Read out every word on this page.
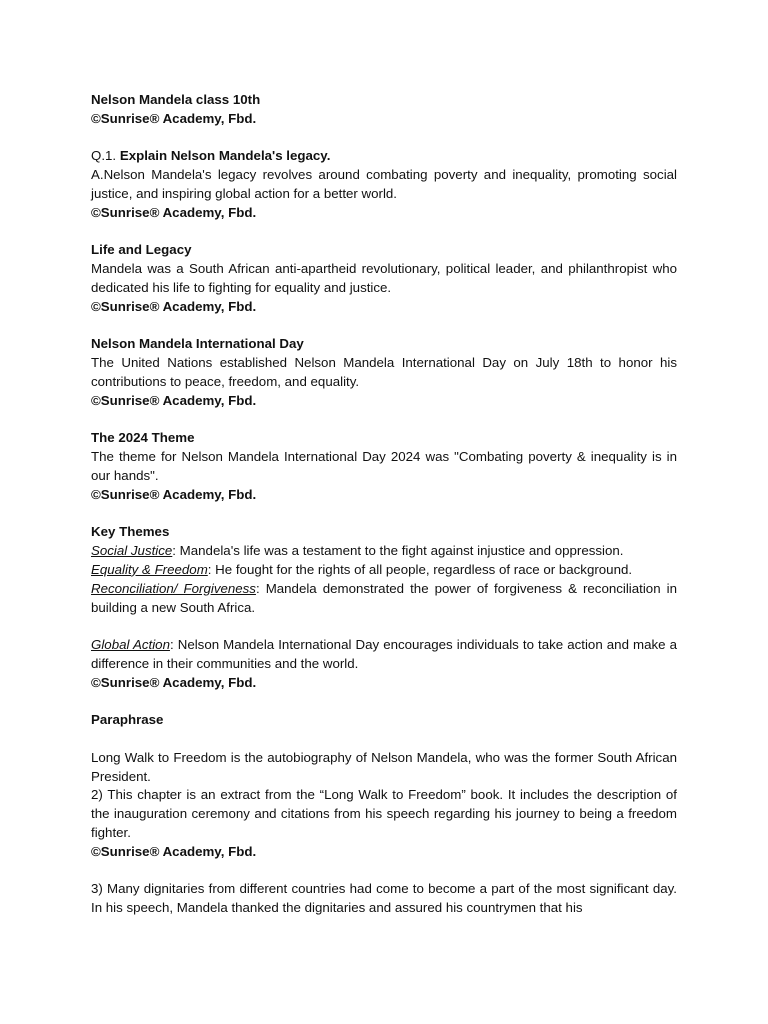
Nelson Mandela class 10th

©Sunrise® Academy, Fbd.

Q.1. Explain Nelson Mandela's legacy.

A.Nelson Mandela's legacy revolves around combating poverty and inequality, promoting social justice, and inspiring global action for a better world.

©Sunrise® Academy, Fbd.

Life and Legacy

Mandela was a South African anti-apartheid revolutionary, political leader, and philanthropist who dedicated his life to fighting for equality and justice.

©Sunrise® Academy, Fbd.

Nelson Mandela International Day

The United Nations established Nelson Mandela International Day on July 18th to honor his contributions to peace, freedom, and equality.

©Sunrise® Academy, Fbd.

The 2024 Theme

The theme for Nelson Mandela International Day 2024 was "Combating poverty & inequality is in our hands".

©Sunrise® Academy, Fbd.

Key Themes

Social Justice: Mandela's life was a testament to the fight against injustice and oppression.

Equality & Freedom: He fought for the rights of all people, regardless of race or background.

Reconciliation/ Forgiveness: Mandela demonstrated the power of forgiveness & reconciliation in building a new South Africa.

Global Action: Nelson Mandela International Day encourages individuals to take action and make a difference in their communities and the world.

©Sunrise® Academy, Fbd.

Paraphrase

Long Walk to Freedom is the autobiography of Nelson Mandela, who was the former South African President.

2) This chapter is an extract from the “Long Walk to Freedom” book. It includes the description of the inauguration ceremony and citations from his speech regarding his journey to being a freedom fighter.

©Sunrise® Academy, Fbd.

3) Many dignitaries from different countries had come to become a part of the most significant day. In his speech, Mandela thanked the dignitaries and assured his countrymen that his
